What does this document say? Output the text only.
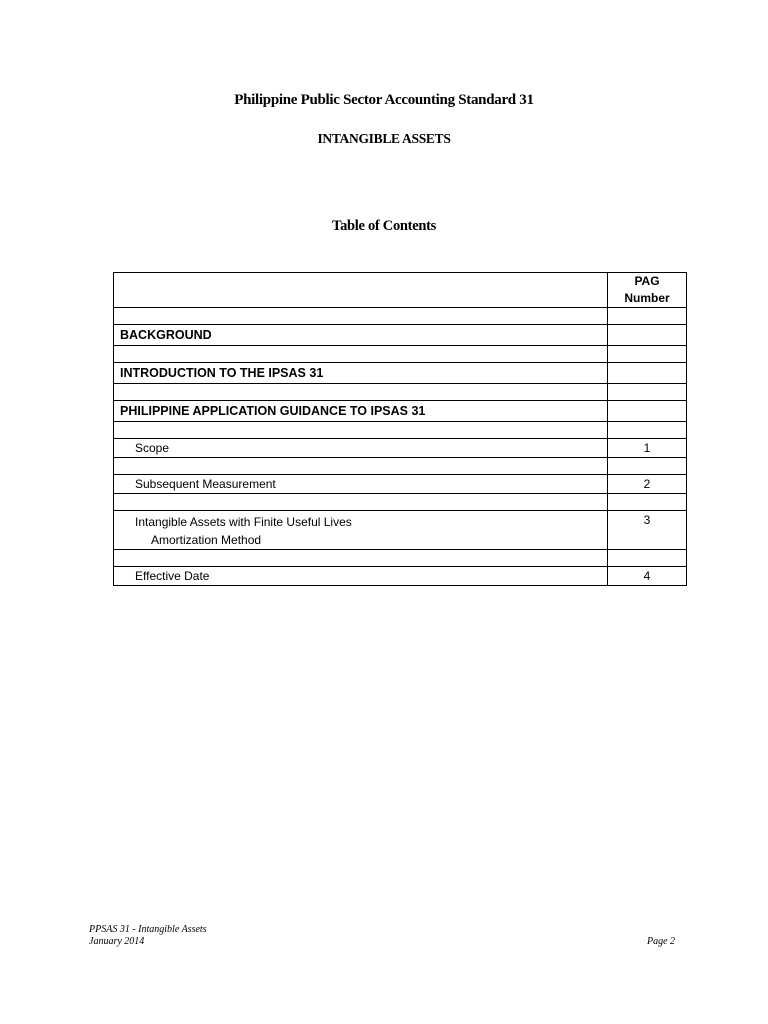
Philippine Public Sector Accounting Standard 31
INTANGIBLE ASSETS
Table of Contents

	PAG
Number

BACKGROUND	

INTRODUCTION TO THE IPSAS 31	

PHILIPPINE APPLICATION GUIDANCE TO IPSAS 31	

Scope	1

Subsequent Measurement	2

Intangible Assets with Finite Useful Lives
Amortization Method	3

Effective Date	4
PPSAS 31 - Intangible Assets
January 2014	Page 2
